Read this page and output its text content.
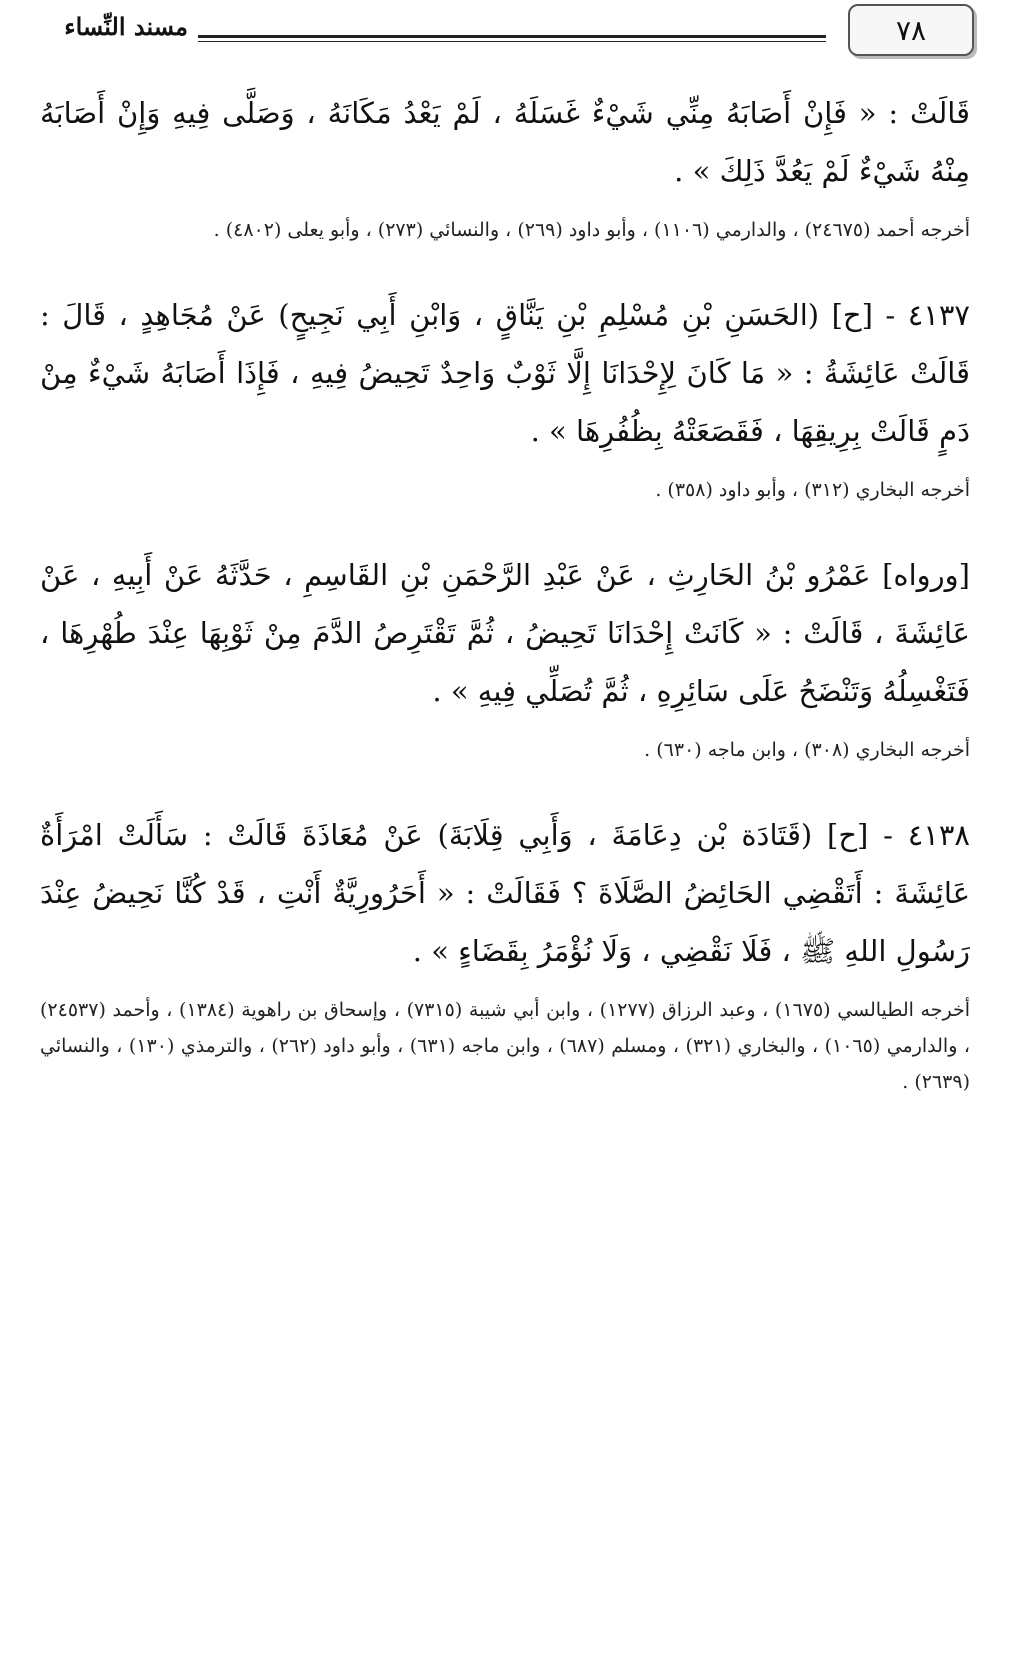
٧٨
مسند النِّساء

قَالَتْ : « فَإِنْ أَصَابَهُ مِنِّي شَيْءٌ غَسَلَهُ ، لَمْ يَعْدُ مَكَانَهُ ، وَصَلَّى فِيهِ وَإِنْ أَصَابَهُ مِنْهُ شَيْءٌ لَمْ يَعُدَّ ذَلِكَ » .

أخرجه أحمد (٢٤٦٧٥) ، والدارمي (١١٠٦) ، وأبو داود (٢٦٩) ، والنسائي (٢٧٣) ، وأبو يعلى (٤٨٠٢) .

٤١٣٧ - [ح] (الحَسَنِ بْنِ مُسْلِمِ بْنِ يَنَّاقٍ ، وَابْنِ أَبِي نَجِيحٍ) عَنْ مُجَاهِدٍ ، قَالَ : قَالَتْ عَائِشَةُ : « مَا كَانَ لِإِحْدَانَا إِلَّا ثَوْبٌ وَاحِدٌ تَحِيضُ فِيهِ ، فَإِذَا أَصَابَهُ شَيْءٌ مِنْ دَمٍ قَالَتْ بِرِيقِهَا ، فَقَصَعَتْهُ بِظُفُرِهَا » .

أخرجه البخاري (٣١٢) ، وأبو داود (٣٥٨) .

[ورواه] عَمْرُو بْنُ الحَارِثِ ، عَنْ عَبْدِ الرَّحْمَنِ بْنِ القَاسِمِ ، حَدَّثَهُ عَنْ أَبِيهِ ، عَنْ عَائِشَةَ ، قَالَتْ : « كَانَتْ إِحْدَانَا تَحِيضُ ، ثُمَّ تَقْتَرِصُ الدَّمَ مِنْ ثَوْبِهَا عِنْدَ طُهْرِهَا ، فَتَغْسِلُهُ وَتَنْضَحُ عَلَى سَائِرِهِ ، ثُمَّ تُصَلِّي فِيهِ » .

أخرجه البخاري (٣٠٨) ، وابن ماجه (٦٣٠) .

٤١٣٨ - [ح] (قَتَادَة بْن دِعَامَةَ ، وَأَبِي قِلَابَةَ) عَنْ مُعَاذَةَ قَالَتْ : سَأَلَتْ امْرَأَةٌ عَائِشَةَ : أَتَقْضِي الحَائِضُ الصَّلَاةَ ؟ فَقَالَتْ : « أَحَرُورِيَّةٌ أَنْتِ ، قَدْ كُنَّا نَحِيضُ عِنْدَ رَسُولِ اللهِ ﷺ ، فَلَا نَقْضِي ، وَلَا نُؤْمَرُ بِقَضَاءٍ » .

أخرجه الطيالسي (١٦٧٥) ، وعبد الرزاق (١٢٧٧) ، وابن أبي شيبة (٧٣١٥) ، وإسحاق بن راهوية (١٣٨٤) ، وأحمد (٢٤٥٣٧) ، والدارمي (١٠٦٥) ، والبخاري (٣٢١) ، ومسلم (٦٨٧) ، وابن ماجه (٦٣١) ، وأبو داود (٢٦٢) ، والترمذي (١٣٠) ، والنسائي (٢٦٣٩) .
